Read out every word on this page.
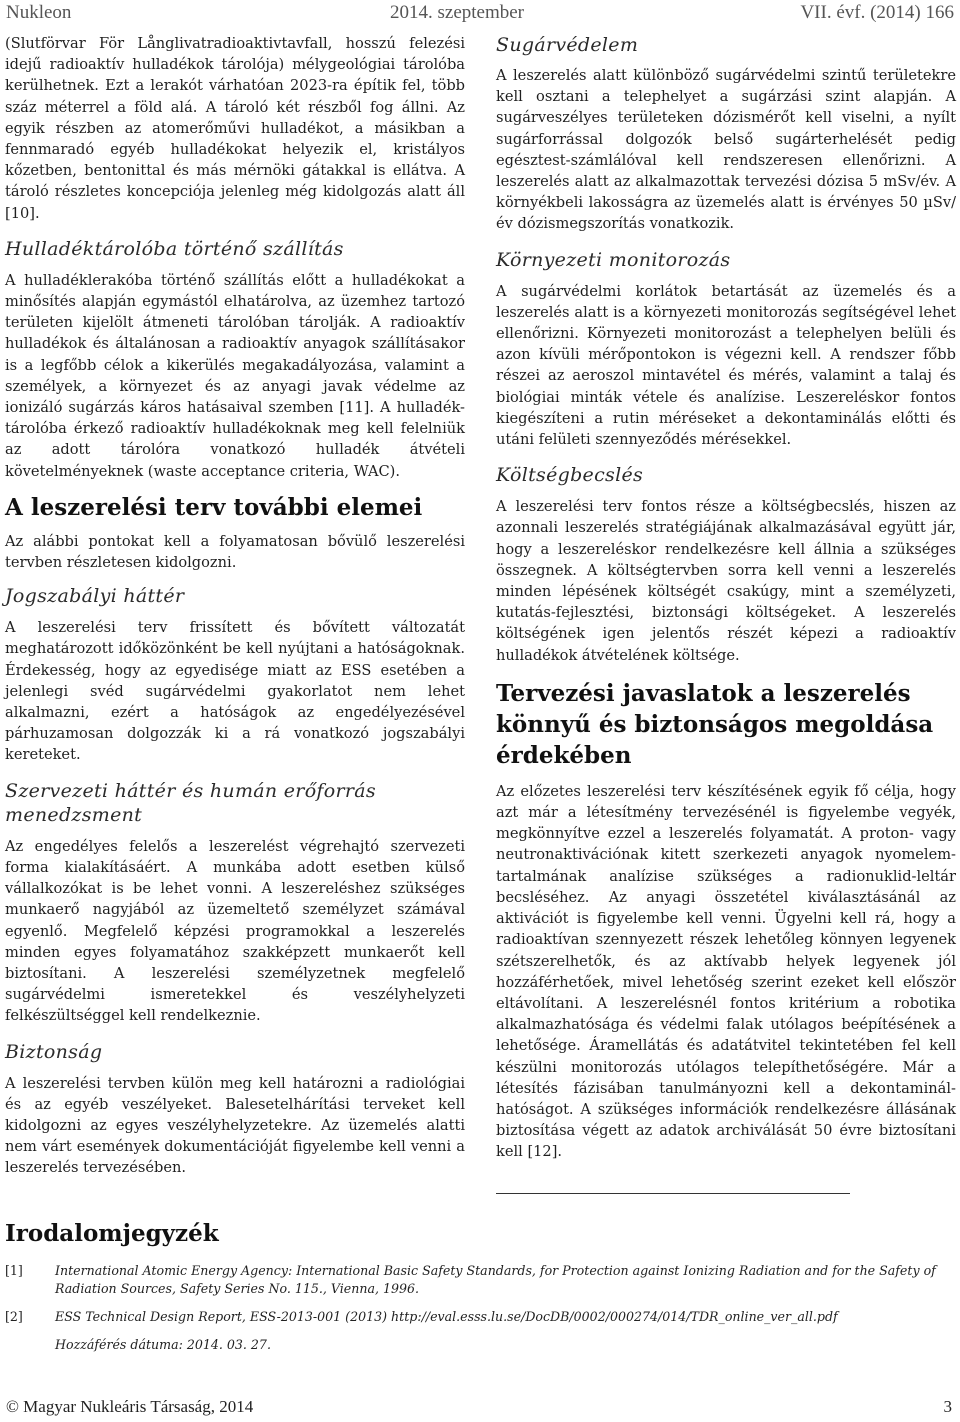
Nukleon	2014. szeptember	VII. évf. (2014) 166

(Slutförvar För Långlivatradioaktivtavfall, hosszú felezési idejű radioaktív hulladékok tárolója) mélygeológiai tárolóba kerülhetnek. Ezt a lerakót várhatóan 2023-ra építik fel, több száz méterrel a föld alá. A tároló két részből fog állni. Az egyik részben az atomerőművi hulladékot, a másikban a fennmaradó egyéb hulladékokat helyezik el, kristályos kőzetben, bentonittal és más mérnöki gátakkal is ellátva. A tároló részletes koncepciója jelenleg még kidolgozás alatt áll [10].

Hulladéktárolóba történő szállítás

A hulladéklerakóba történő szállítás előtt a hulladékokat a minősítés alapján egymástól elhatárolva, az üzemhez tartozó területen kijelölt átmeneti tárolóban tárolják. A radioaktív hulladékok és általánosan a radioaktív anyagok szállításakor is a legfőbb célok a kikerülés megakadályozása, valamint a személyek, a környezet és az anyagi javak védelme az ionizáló sugárzás káros hatásaival szemben [11]. A hulladék-tárolóba érkező radioaktív hulladékoknak meg kell felelniük az adott tárolóra vonatkozó hulladék átvételi követelményeknek (waste acceptance criteria, WAC).

A leszerelési terv további elemei

Az alábbi pontokat kell a folyamatosan bővülő leszerelési tervben részletesen kidolgozni.

Jogszabályi háttér

A leszerelési terv frissített és bővített változatát meghatározott időközönként be kell nyújtani a hatóságoknak. Érdekesség, hogy az egyedisége miatt az ESS esetében a jelenlegi svéd sugárvédelmi gyakorlatot nem lehet alkalmazni, ezért a hatóságok az engedélyezésével párhuzamosan dolgozzák ki a rá vonatkozó jogszabályi kereteket.

Szervezeti háttér és humán erőforrás menedzsment

Az engedélyes felelős a leszerelést végrehajtó szervezeti forma kialakításáért. A munkába adott esetben külső vállalkozókat is be lehet vonni. A leszereléshez szükséges munkaerő nagyjából az üzemeltető személyzet számával egyenlő. Megfelelő képzési programokkal a leszerelés minden egyes folyamatához szakképzett munkaerőt kell biztosítani. A leszerelési személyzetnek megfelelő sugárvédelmi ismeretekkel és veszélyhelyzeti felkészültséggel kell rendelkeznie.

Biztonság

A leszerelési tervben külön meg kell határozni a radiológiai és az egyéb veszélyeket. Balesetelhárítási terveket kell kidolgozni az egyes veszélyhelyzetekre. Az üzemelés alatti nem várt események dokumentációját figyelembe kell venni a leszerelés tervezésében.

Sugárvédelem

A leszerelés alatt különböző sugárvédelmi szintű területekre kell osztani a telephelyet a sugárzási szint alapján. A sugárveszélyes területeken dózismérőt kell viselni, a nyílt sugárforrással dolgozók belső sugárterhelését pedig egésztest-számlálóval kell rendszeresen ellenőrizni. A leszerelés alatt az alkalmazottak tervezési dózisa 5 mSv/év. A környékbeli lakosságra az üzemelés alatt is érvényes 50 µSv/év dózismegszorítás vonatkozik.

Környezeti monitorozás

A sugárvédelmi korlátok betartását az üzemelés és a leszerelés alatt is a környezeti monitorozás segítségével lehet ellenőrizni. Környezeti monitorozást a telephelyen belüli és azon kívüli mérőpontokon is végezni kell. A rendszer főbb részei az aeroszol mintavétel és mérés, valamint a talaj és biológiai minták vétele és analízise. Leszereléskor fontos kiegészíteni a rutin méréseket a dekontaminálás előtti és utáni felületi szennyeződés mérésekkel.

Költségbecslés

A leszerelési terv fontos része a költségbecslés, hiszen az azonnali leszerelés stratégiájának alkalmazásával együtt jár, hogy a leszereléskor rendelkezésre kell állnia a szükséges összegnek. A költségtervben sorra kell venni a leszerelés minden lépésének költségét csakúgy, mint a személyzeti, kutatás-fejlesztési, biztonsági költségeket. A leszerelés költségének igen jelentős részét képezi a radioaktív hulladékok átvételének költsége.

Tervezési javaslatok a leszerelés könnyű és biztonságos megoldása érdekében

Az előzetes leszerelési terv készítésének egyik fő célja, hogy azt már a létesítmény tervezésénél is figyelembe vegyék, megkönnyítve ezzel a leszerelés folyamatát. A proton- vagy neutronaktivációnak kitett szerkezeti anyagok nyomelem-tartalmának analízise szükséges a radionuklid-leltár becsléséhez. Az anyagi összetétel kiválasztásánál az aktivációt is figyelembe kell venni. Ügyelni kell rá, hogy a radioaktívan szennyezett részek lehetőleg könnyen legyenek szétszerelhetők, és az aktívabb helyek legyenek jól hozzáférhetőek, mivel lehetőség szerint ezeket kell először eltávolítani. A leszerelésnél fontos kritérium a robotika alkalmazhatósága és védelmi falak utólagos beépítésének a lehetősége. Áramellátás és adatátvitel tekintetében fel kell készülni monitorozás utólagos telepíthetőségére. Már a létesítés fázisában tanulmányozni kell a dekontaminál-hatóságot. A szükséges információk rendelkezésre állásának biztosítása végett az adatok archiválását 50 évre biztosítani kell [12].

Irodalomjegyzék
[1]	International Atomic Energy Agency: International Basic Safety Standards, for Protection against Ionizing Radiation and for the Safety of Radiation Sources, Safety Series No. 115., Vienna, 1996.
[2]	ESS Technical Design Report, ESS-2013-001 (2013) http://eval.esss.lu.se/DocDB/0002/000274/014/TDR_online_ver_all.pdf
Hozzáférés dátuma: 2014. 03. 27.
© Magyar Nukleáris Társaság, 2014	3
